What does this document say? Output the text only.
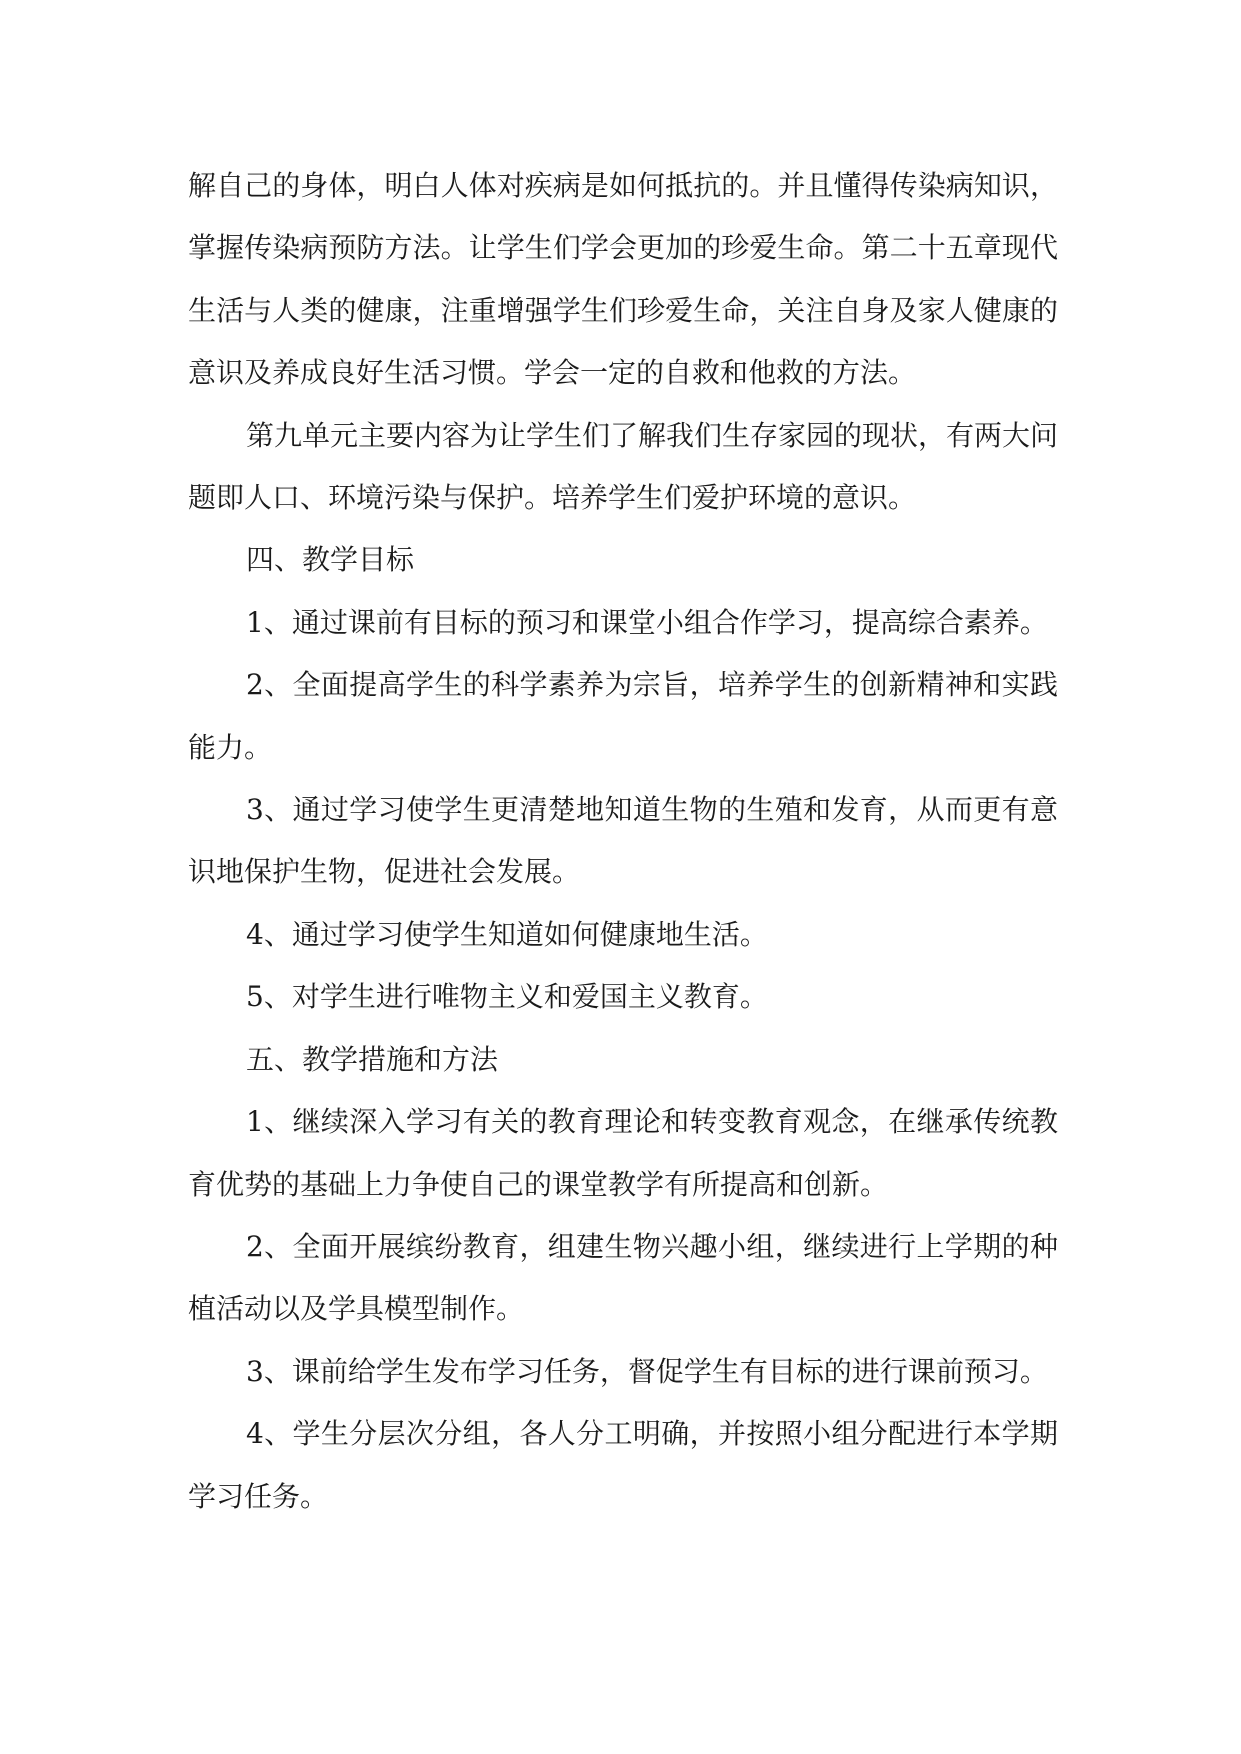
解自己的身体，明白人体对疾病是如何抵抗的。并且懂得传染病知识，掌握传染病预防方法。让学生们学会更加的珍爱生命。第二十五章现代生活与人类的健康，注重增强学生们珍爱生命，关注自身及家人健康的意识及养成良好生活习惯。学会一定的自救和他救的方法。

第九单元主要内容为让学生们了解我们生存家园的现状，有两大问题即人口、环境污染与保护。培养学生们爱护环境的意识。

四、教学目标

1、通过课前有目标的预习和课堂小组合作学习，提高综合素养。

2、全面提高学生的科学素养为宗旨，培养学生的创新精神和实践能力。

3、通过学习使学生更清楚地知道生物的生殖和发育，从而更有意识地保护生物，促进社会发展。

4、通过学习使学生知道如何健康地生活。

5、对学生进行唯物主义和爱国主义教育。

五、教学措施和方法

1、继续深入学习有关的教育理论和转变教育观念，在继承传统教育优势的基础上力争使自己的课堂教学有所提高和创新。

2、全面开展缤纷教育，组建生物兴趣小组，继续进行上学期的种植活动以及学具模型制作。

3、课前给学生发布学习任务，督促学生有目标的进行课前预习。

4、学生分层次分组，各人分工明确，并按照小组分配进行本学期学习任务。
